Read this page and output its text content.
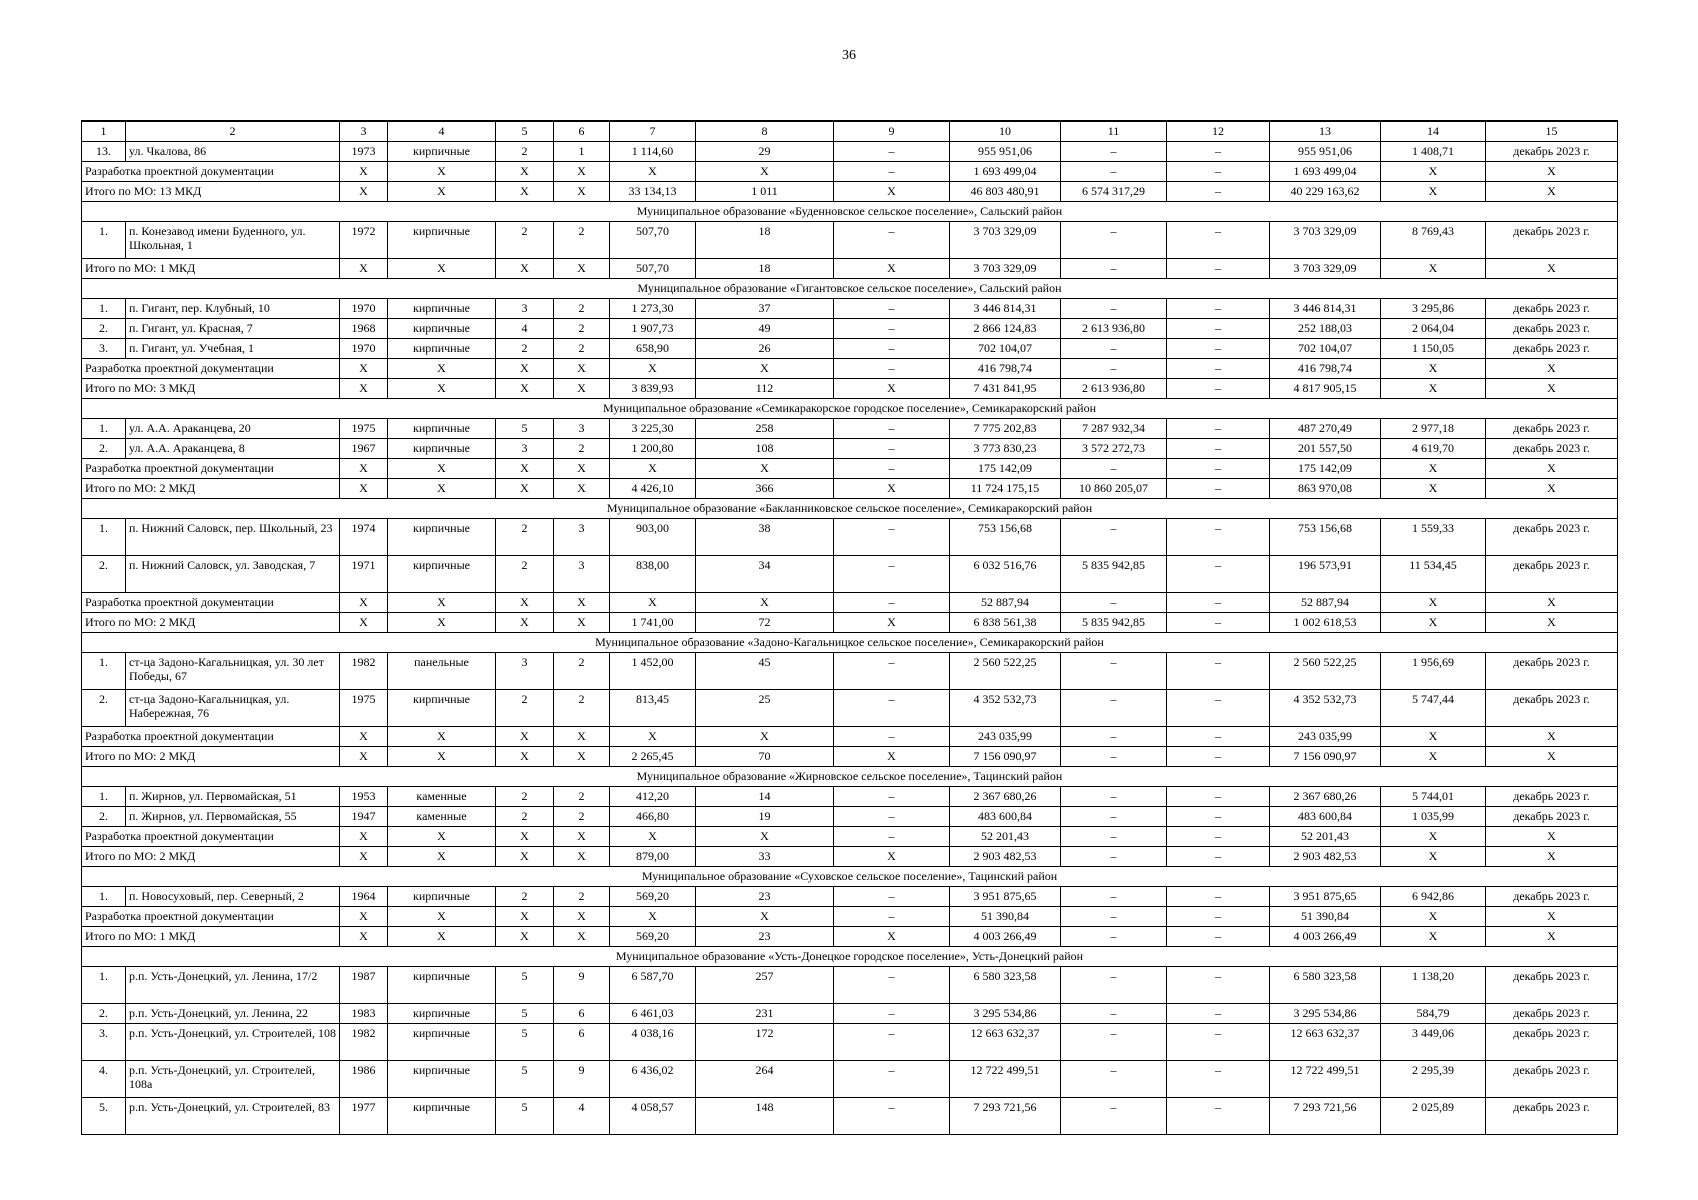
36
1	2	3	4	5	6	7	8	9	10	11	12	13	14	15
13.	ул. Чкалова, 86	1973	кирпичные	2	1	1 114,60	29	–	955 951,06	–	–	955 951,06	1 408,71	декабрь 2023 г.
Разработка проектной документации		X	X	X	X	X	X	–	1 693 499,04	–	–	1 693 499,04	X	X
Итого по МО: 13 МКД		X	X	X	X	33 134,13	1 011	X	46 803 480,91	6 574 317,29	–	40 229 163,62	X	X
Муниципальное образование «Буденновское сельское поселение», Сальский район														
1.	п. Конезавод имени Буденного, ул. Школьная, 1	1972	кирпичные	2	2	507,70	18	–	3 703 329,09	–	–	3 703 329,09	8 769,43	декабрь 2023 г.
Итого по МО: 1 МКД		X	X	X	X	507,70	18	X	3 703 329,09	–	–	3 703 329,09	X	X
Муниципальное образование «Гигантовское сельское поселение», Сальский район														
1.	п. Гигант, пер. Клубный, 10	1970	кирпичные	3	2	1 273,30	37	–	3 446 814,31	–	–	3 446 814,31	3 295,86	декабрь 2023 г.
2.	п. Гигант, ул. Красная, 7	1968	кирпичные	4	2	1 907,73	49	–	2 866 124,83	2 613 936,80	–	252 188,03	2 064,04	декабрь 2023 г.
3.	п. Гигант, ул. Учебная, 1	1970	кирпичные	2	2	658,90	26	–	702 104,07	–	–	702 104,07	1 150,05	декабрь 2023 г.
Разработка проектной документации		X	X	X	X	X	X	–	416 798,74	–	–	416 798,74	X	X
Итого по МО: 3 МКД		X	X	X	X	3 839,93	112	X	7 431 841,95	2 613 936,80	–	4 817 905,15	X	X
Муниципальное образование «Семикаракорское городское поселение», Семикаракорский район														
1.	ул. А.А. Араканцева, 20	1975	кирпичные	5	3	3 225,30	258	–	7 775 202,83	7 287 932,34	–	487 270,49	2 977,18	декабрь 2023 г.
2.	ул. А.А. Араканцева, 8	1967	кирпичные	3	2	1 200,80	108	–	3 773 830,23	3 572 272,73	–	201 557,50	4 619,70	декабрь 2023 г.
Разработка проектной документации		X	X	X	X	X	X	–	175 142,09	–	–	175 142,09	X	X
Итого по МО: 2 МКД		X	X	X	X	4 426,10	366	X	11 724 175,15	10 860 205,07	–	863 970,08	X	X
Муниципальное образование «Бакланниковское сельское поселение», Семикаракорский район														
1.	п. Нижний Саловск, пер. Школьный, 23	1974	кирпичные	2	3	903,00	38	–	753 156,68	–	–	753 156,68	1 559,33	декабрь 2023 г.
2.	п. Нижний Саловск, ул. Заводская, 7	1971	кирпичные	2	3	838,00	34	–	6 032 516,76	5 835 942,85	–	196 573,91	11 534,45	декабрь 2023 г.
Разработка проектной документации		X	X	X	X	X	X	–	52 887,94	–	–	52 887,94	X	X
Итого по МО: 2 МКД		X	X	X	X	1 741,00	72	X	6 838 561,38	5 835 942,85	–	1 002 618,53	X	X
Муниципальное образование «Задоно-Кагальницкое сельское поселение», Семикаракорский район														
1.	ст-ца Задоно-Кагальницкая, ул. 30 лет Победы, 67	1982	панельные	3	2	1 452,00	45	–	2 560 522,25	–	–	2 560 522,25	1 956,69	декабрь 2023 г.
2.	ст-ца Задоно-Кагальницкая, ул. Набережная, 76	1975	кирпичные	2	2	813,45	25	–	4 352 532,73	–	–	4 352 532,73	5 747,44	декабрь 2023 г.
Разработка проектной документации		X	X	X	X	X	X	–	243 035,99	–	–	243 035,99	X	X
Итого по МО: 2 МКД		X	X	X	X	2 265,45	70	X	7 156 090,97	–	–	7 156 090,97	X	X
Муниципальное образование «Жирновское сельское поселение», Тацинский район														
1.	п. Жирнов, ул. Первомайская, 51	1953	каменные	2	2	412,20	14	–	2 367 680,26	–	–	2 367 680,26	5 744,01	декабрь 2023 г.
2.	п. Жирнов, ул. Первомайская, 55	1947	каменные	2	2	466,80	19	–	483 600,84	–	–	483 600,84	1 035,99	декабрь 2023 г.
Разработка проектной документации		X	X	X	X	X	X	–	52 201,43	–	–	52 201,43	X	X
Итого по МО: 2 МКД		X	X	X	X	879,00	33	X	2 903 482,53	–	–	2 903 482,53	X	X
Муниципальное образование «Суховское сельское поселение», Тацинский район														
1.	п. Новосуховый, пер. Северный, 2	1964	кирпичные	2	2	569,20	23	–	3 951 875,65	–	–	3 951 875,65	6 942,86	декабрь 2023 г.
Разработка проектной документации		X	X	X	X	X	X	–	51 390,84	–	–	51 390,84	X	X
Итого по МО: 1 МКД		X	X	X	X	569,20	23	X	4 003 266,49	–	–	4 003 266,49	X	X
Муниципальное образование «Усть-Донецкое городское поселение», Усть-Донецкий район														
1.	р.п. Усть-Донецкий, ул. Ленина, 17/2	1987	кирпичные	5	9	6 587,70	257	–	6 580 323,58	–	–	6 580 323,58	1 138,20	декабрь 2023 г.
2.	р.п. Усть-Донецкий, ул. Ленина, 22	1983	кирпичные	5	6	6 461,03	231	–	3 295 534,86	–	–	3 295 534,86	584,79	декабрь 2023 г.
3.	р.п. Усть-Донецкий, ул. Строителей, 108	1982	кирпичные	5	6	4 038,16	172	–	12 663 632,37	–	–	12 663 632,37	3 449,06	декабрь 2023 г.
4.	р.п. Усть-Донецкий, ул. Строителей, 108а	1986	кирпичные	5	9	6 436,02	264	–	12 722 499,51	–	–	12 722 499,51	2 295,39	декабрь 2023 г.
5.	р.п. Усть-Донецкий, ул. Строителей, 83	1977	кирпичные	5	4	4 058,57	148	–	7 293 721,56	–	–	7 293 721,56	2 025,89	декабрь 2023 г.
